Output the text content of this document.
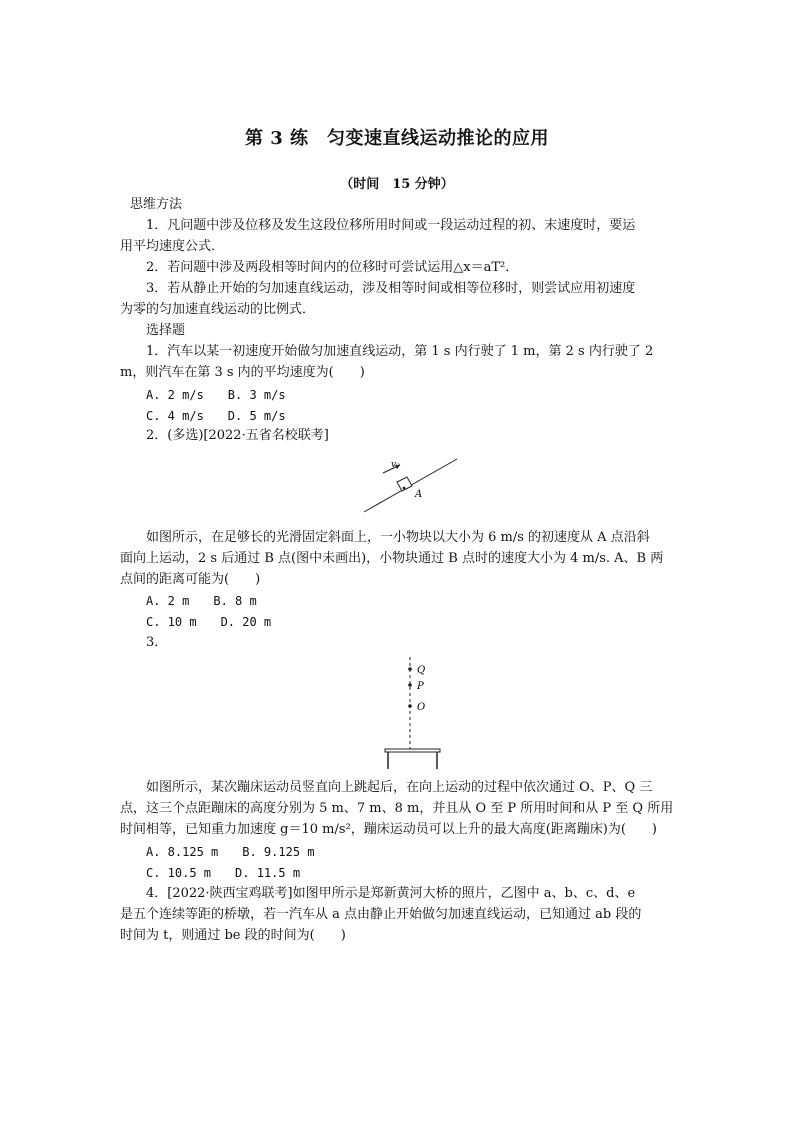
第 3 练　匀变速直线运动推论的应用
（时间　15 分钟）
思维方法
1．凡问题中涉及位移及发生这段位移所用时间或一段运动过程的初、末速度时，要运
用平均速度公式．
2．若问题中涉及两段相等时间内的位移时可尝试运用△x＝aT²．
3．若从静止开始的匀加速直线运动，涉及相等时间或相等位移时，则尝试应用初速度
为零的匀加速直线运动的比例式．
选择题
1．汽车以某一初速度开始做匀加速直线运动，第 1 s 内行驶了 1 m，第 2 s 内行驶了 2
m，则汽车在第 3 s 内的平均速度为(　　)
A. 2 m/s　　B. 3 m/s
C. 4 m/s　　D. 5 m/s
2．(多选)[2022·五省名校联考]
v₀
A
如图所示，在足够长的光滑固定斜面上，一小物块以大小为 6 m/s 的初速度从 A 点沿斜
面向上运动，2 s 后通过 B 点(图中未画出)，小物块通过 B 点时的速度大小为 4 m/s. A、B 两
点间的距离可能为(　　)
A. 2 m　　B. 8 m
C. 10 m　　D. 20 m
3．
Q
P
O
如图所示，某次蹦床运动员竖直向上跳起后，在向上运动的过程中依次通过 O、P、Q 三
点，这三个点距蹦床的高度分别为 5 m、7 m、8 m，并且从 O 至 P 所用时间和从 P 至 Q 所用
时间相等，已知重力加速度 g＝10 m/s²，蹦床运动员可以上升的最大高度(距离蹦床)为(　　)
A. 8.125 m　　B. 9.125 m
C. 10.5 m　　D. 11.5 m
4．[2022·陕西宝鸡联考]如图甲所示是郑新黄河大桥的照片，乙图中 a、b、c、d、e
是五个连续等距的桥墩，若一汽车从 a 点由静止开始做匀加速直线运动，已知通过 ab 段的
时间为 t，则通过 be 段的时间为(　　)
